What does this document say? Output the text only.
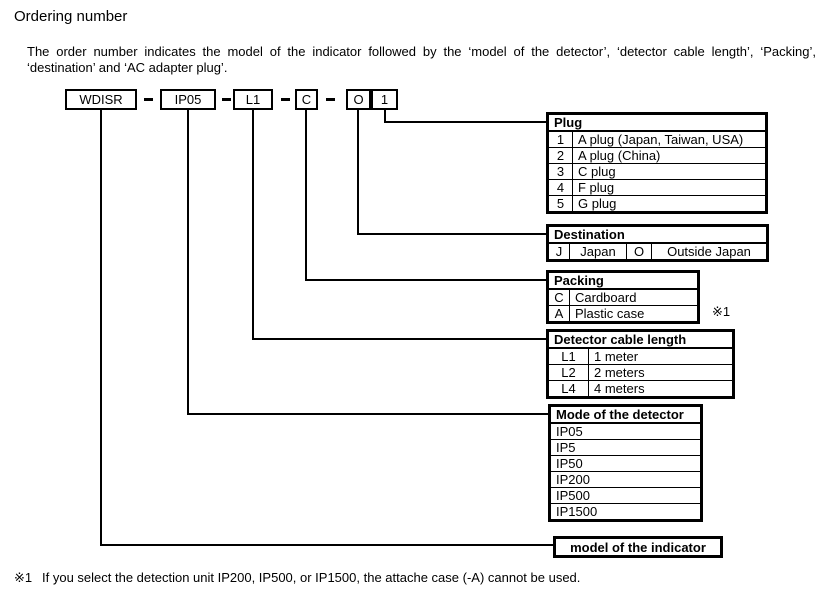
Ordering number
The order number indicates the model of the indicator followed by the ‘model of the detector’, ‘detector cable length’, ‘Packing’, ‘destination’ and ‘AC adapter plug’.
WDISR	IP05	L1	C	O	1
Plug
1	A plug (Japan, Taiwan, USA)
2	A plug (China)
3	C plug
4	F plug
5	G plug
Destination
J	Japan	O	Outside Japan
Packing
C Cardboard
A Plastic case	※1
Detector cable length
L1	1 meter
L2	2 meters
L4	4 meters
Mode of the detector
IP05
IP5
IP50
IP200
IP500
IP1500
model of the indicator
※1 If you select the detection unit IP200, IP500, or IP1500, the attache case (-A) cannot be used.
